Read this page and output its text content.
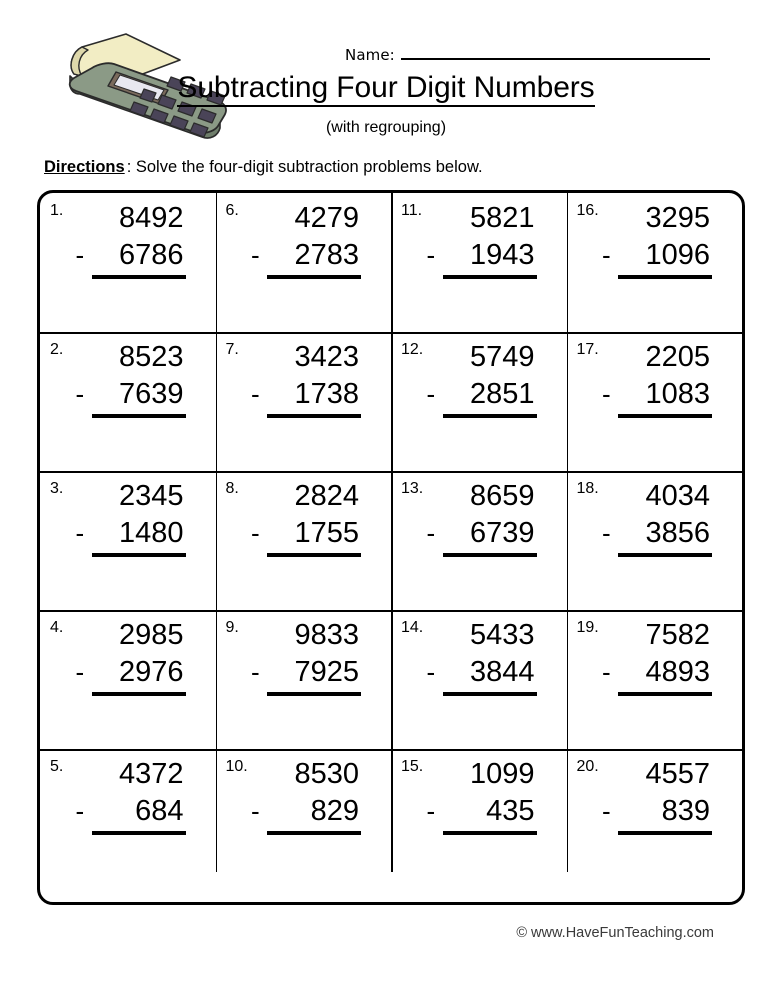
Name:
Subtracting Four Digit Numbers
(with regrouping)
Directions : Solve the four-digit subtraction problems below.
1.	8492
- 6786
6.	4279
- 2783
11.	5821
- 1943
16.	3295
- 1096
2.	8523
- 7639
7.	3423
- 1738
12.	5749
- 2851
17.	2205
- 1083
3.	2345
- 1480
8.	2824
- 1755
13.	8659
- 6739
18.	4034
- 3856
4.	2985
- 2976
9.	9833
- 7925
14.	5433
- 3844
19.	7582
- 4893
5.	4372
- 684
10.	8530
- 829
15.	1099
- 435
20.	4557
- 839
© www.HaveFunTeaching.com
